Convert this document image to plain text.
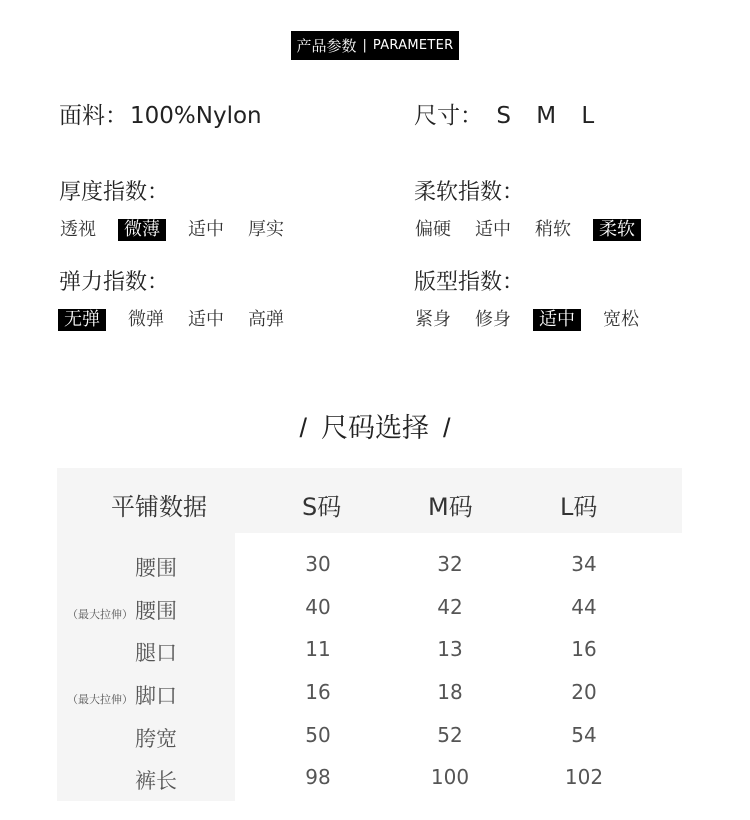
产品参数 | PARAMETER
面料：100%Nylon	尺寸： S M L
厚度指数：
透视	微薄	适中 厚实
柔软指数：
偏硬 适中 稍软	柔软
弹力指数：
无弹	微弹 适中 高弹
版型指数：
紧身 修身	适中	宽松
/ 尺码选择 /
平铺数据	S码	M码	L码
腰围	30	32	34
（最大拉伸）腰围	40	42	44
腿口	11	13	16
（最大拉伸）脚口	16	18	20
胯宽	50	52	54
裤长	98	100	102
